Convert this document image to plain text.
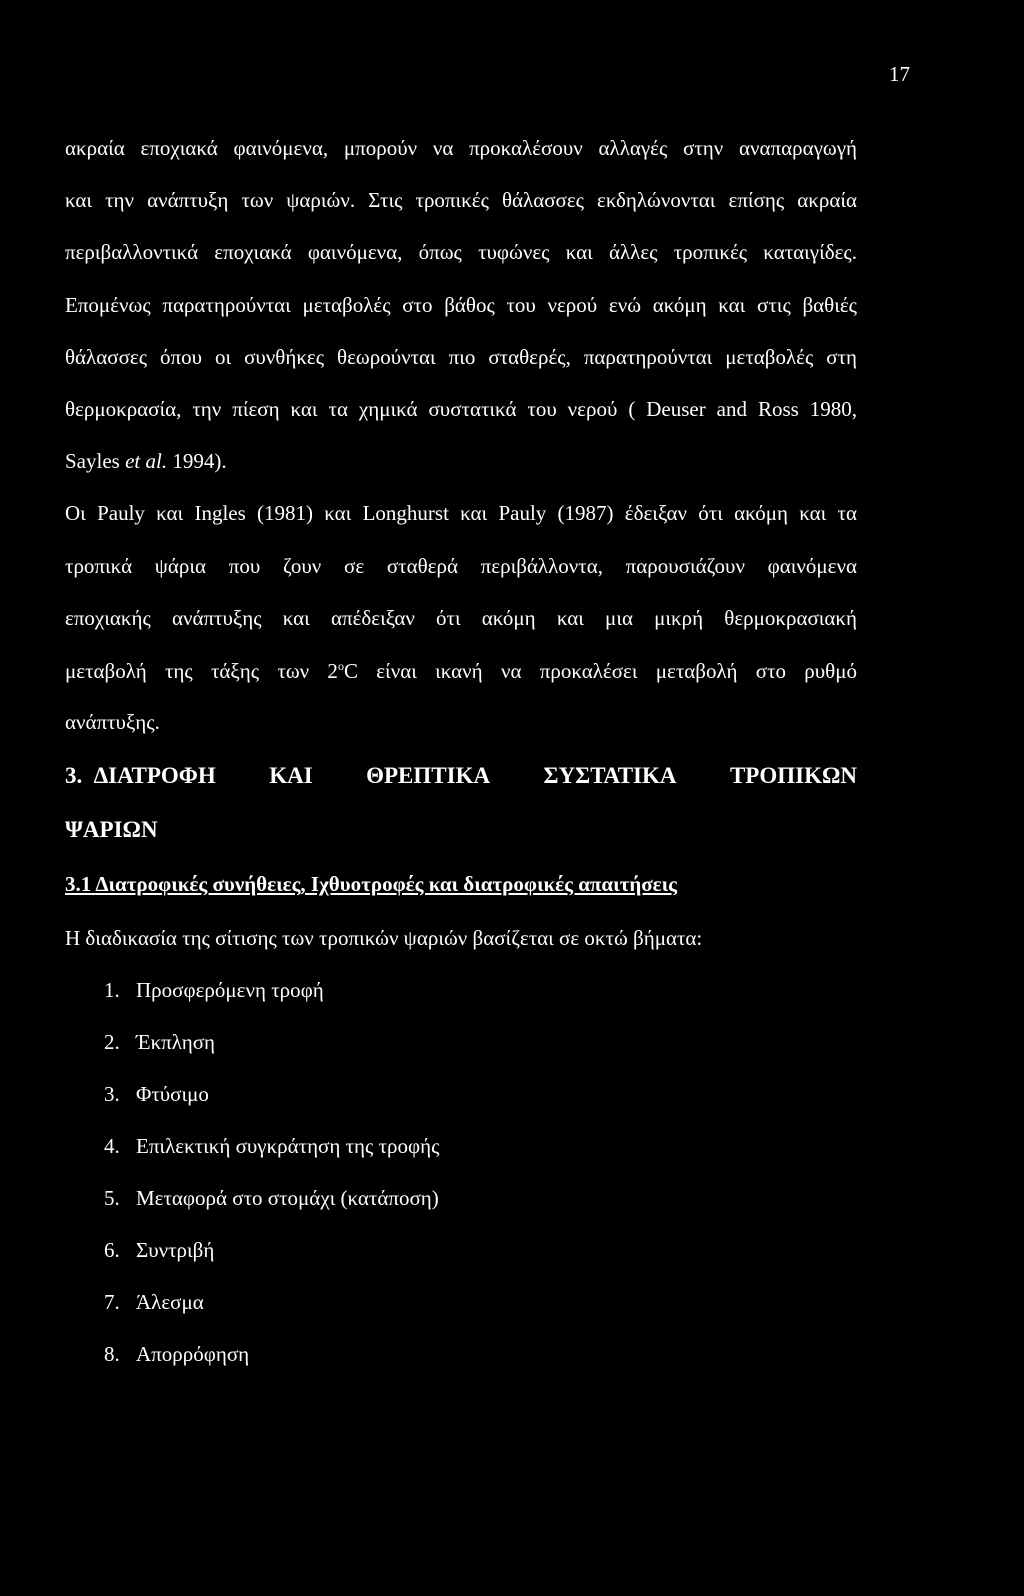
17
ακραία εποχιακά φαινόμενα, μπορούν να προκαλέσουν αλλαγές στην αναπαραγωγή
και την ανάπτυξη των ψαριών. Στις τροπικές θάλασσες εκδηλώνονται επίσης ακραία
περιβαλλοντικά εποχιακά φαινόμενα, όπως τυφώνες και άλλες τροπικές καταιγίδες.
Επομένως παρατηρούνται μεταβολές στο βάθος του νερού ενώ ακόμη και στις βαθιές
θάλασσες όπου οι συνθήκες θεωρούνται πιο σταθερές, παρατηρούνται μεταβολές στη
θερμοκρασία, την πίεση και τα χημικά συστατικά του νερού ( Deuser and Ross 1980,
Sayles et al. 1994).
Οι Pauly και Ingles (1981) και Longhurst και Pauly (1987) έδειξαν ότι ακόμη και τα
τροπικά ψάρια που ζουν σε σταθερά περιβάλλοντα, παρουσιάζουν φαινόμενα
εποχιακής ανάπτυξης και απέδειξαν ότι ακόμη και μια μικρή θερμοκρασιακή
μεταβολή της τάξης των $2^oC$ είναι ικανή να προκαλέσει μεταβολή στο ρυθμό
ανάπτυξης.
3. ΔΙΑΤΡΟΦΗ ΚΑΙ ΘΡΕΠΤΙΚΑ ΣΥΣΤΑΤΙΚΑ ΤΡΟΠΙΚΩΝ
ΨΑΡΙΩΝ
3.1 Διατροφικές συνήθειες, Ιχθυοτροφές και διατροφικές απαιτήσεις
Η διαδικασία της σίτισης των τροπικών ψαριών βασίζεται σε οκτώ βήματα:
1. Προσφερόμενη τροφή
2. Έκπληση
3. Φτύσιμο
4. Επιλεκτική συγκράτηση της τροφής
5. Μεταφορά στο στομάχι (κατάποση)
6. Συντριβή
7. Άλεσμα
8. Απορρόφηση
